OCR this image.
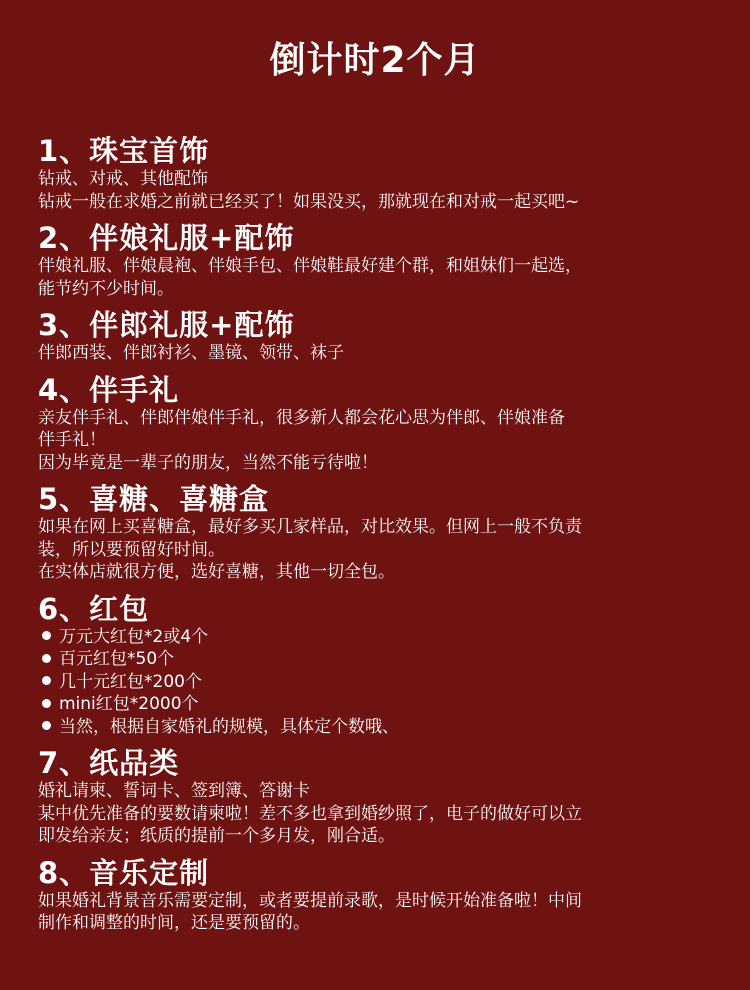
倒计时2个月
1、珠宝首饰
钻戒、对戒、其他配饰
钻戒一般在求婚之前就已经买了！如果没买，那就现在和对戒一起买吧~
2、伴娘礼服+配饰
伴娘礼服、伴娘晨袍、伴娘手包、伴娘鞋最好建个群，和姐妹们一起选，
能节约不少时间。
3、伴郎礼服+配饰
伴郎西装、伴郎衬衫、墨镜、领带、袜子
4、伴手礼
亲友伴手礼、伴郎伴娘伴手礼，很多新人都会花心思为伴郎、伴娘准备
伴手礼！
因为毕竟是一辈子的朋友，当然不能亏待啦！
5、喜糖、喜糖盒
如果在网上买喜糖盒，最好多买几家样品，对比效果。但网上一般不负责
装，所以要预留好时间。
在实体店就很方便，选好喜糖，其他一切全包。
6、红包
万元大红包*2或4个
百元红包*50个
几十元红包*200个
mini红包*2000个
当然，根据自家婚礼的规模，具体定个数哦、
7、纸品类
婚礼请柬、誓词卡、签到簿、答谢卡
某中优先准备的要数请柬啦！差不多也拿到婚纱照了，电子的做好可以立
即发给亲友；纸质的提前一个多月发，刚合适。
8、音乐定制
如果婚礼背景音乐需要定制，或者要提前录歌，是时候开始准备啦！中间
制作和调整的时间，还是要预留的。
